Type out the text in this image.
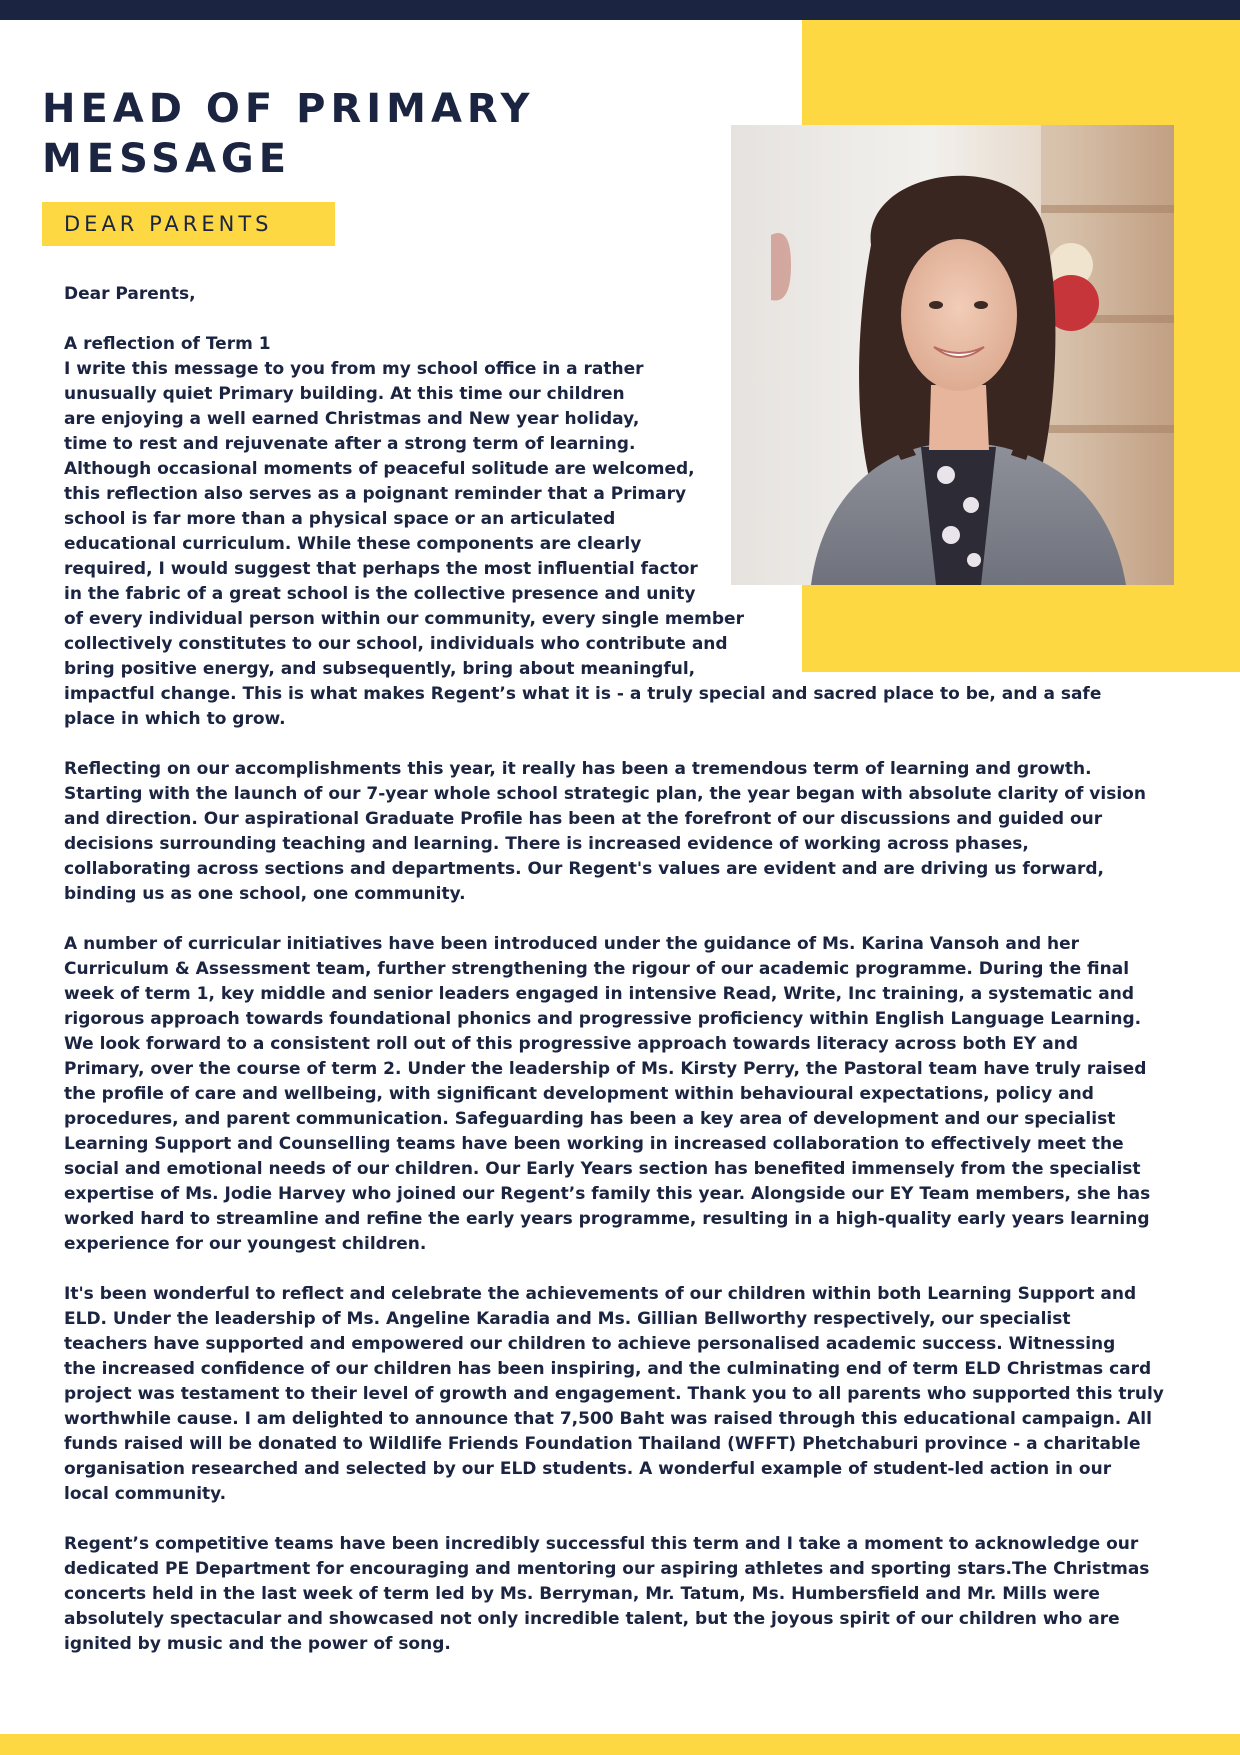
HEAD OF PRIMARY
MESSAGE
DEAR PARENTS
Dear Parents,
A reflection of Term 1
I write this message to you from my school office in a rather
unusually quiet Primary building. At this time our children
are enjoying a well earned Christmas and New year holiday,
time to rest and rejuvenate after a strong term of learning.
Although occasional moments of peaceful solitude are welcomed,
this reflection also serves as a poignant reminder that a Primary
school is far more than a physical space or an articulated
educational curriculum. While these components are clearly
required, I would suggest that perhaps the most influential factor
in the fabric of a great school is the collective presence and unity
of every individual person within our community, every single member
collectively constitutes to our school, individuals who contribute and
bring positive energy, and subsequently, bring about meaningful,
impactful change. This is what makes Regent’s what it is - a truly special and sacred place to be, and a safe
place in which to grow.
Reflecting on our accomplishments this year, it really has been a tremendous term of learning and growth.
Starting with the launch of our 7-year whole school strategic plan, the year began with absolute clarity of vision
and direction. Our aspirational Graduate Profile has been at the forefront of our discussions and guided our
decisions surrounding teaching and learning. There is increased evidence of working across phases,
collaborating across sections and departments. Our Regent's values are evident and are driving us forward,
binding us as one school, one community.
A number of curricular initiatives have been introduced under the guidance of Ms. Karina Vansoh and her
Curriculum & Assessment team, further strengthening the rigour of our academic programme. During the final
week of term 1, key middle and senior leaders engaged in intensive Read, Write, Inc training, a systematic and
rigorous approach towards foundational phonics and progressive proficiency within English Language Learning.
We look forward to a consistent roll out of this progressive approach towards literacy across both EY and
Primary, over the course of term 2. Under the leadership of Ms. Kirsty Perry, the Pastoral team have truly raised
the profile of care and wellbeing, with significant development within behavioural expectations, policy and
procedures, and parent communication. Safeguarding has been a key area of development and our specialist
Learning Support and Counselling teams have been working in increased collaboration to effectively meet the
social and emotional needs of our children. Our Early Years section has benefited immensely from the specialist
expertise of Ms. Jodie Harvey who joined our Regent’s family this year. Alongside our EY Team members, she has
worked hard to streamline and refine the early years programme, resulting in a high-quality early years learning
experience for our youngest children.
It's been wonderful to reflect and celebrate the achievements of our children within both Learning Support and
ELD. Under the leadership of Ms. Angeline Karadia and Ms. Gillian Bellworthy respectively, our specialist
teachers have supported and empowered our children to achieve personalised academic success. Witnessing
the increased confidence of our children has been inspiring, and the culminating end of term ELD Christmas card
project was testament to their level of growth and engagement. Thank you to all parents who supported this truly
worthwhile cause. I am delighted to announce that 7,500 Baht was raised through this educational campaign. All
funds raised will be donated to Wildlife Friends Foundation Thailand (WFFT) Phetchaburi province - a charitable
organisation researched and selected by our ELD students. A wonderful example of student-led action in our
local community.
Regent’s competitive teams have been incredibly successful this term and I take a moment to acknowledge our
dedicated PE Department for encouraging and mentoring our aspiring athletes and sporting stars.The Christmas
concerts held in the last week of term led by Ms. Berryman, Mr. Tatum, Ms. Humbersfield and Mr. Mills were
absolutely spectacular and showcased not only incredible talent, but the joyous spirit of our children who are
ignited by music and the power of song.
